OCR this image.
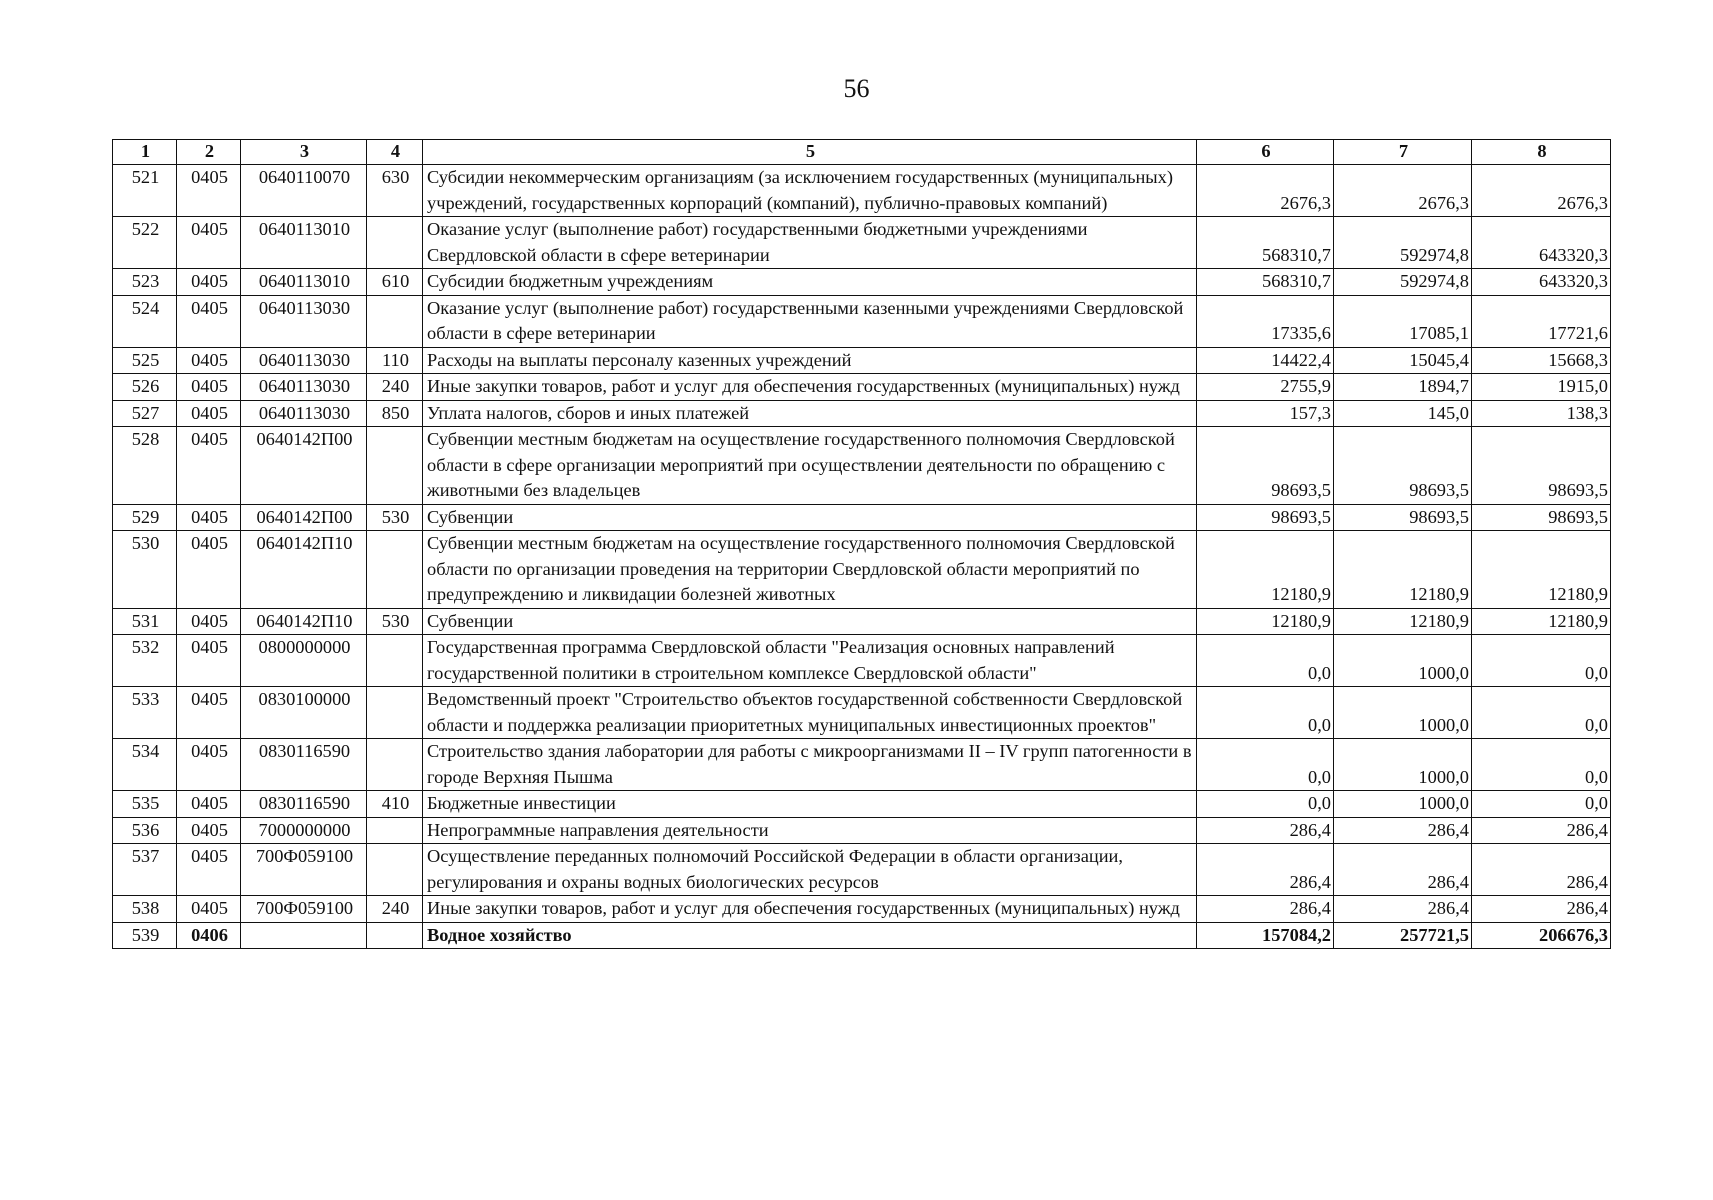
56
1	2	3	4	5	6	7	8
521	0405	0640110070	630	Субсидии некоммерческим организациям (за исключением государственных (муниципальных) учреждений, государственных корпораций (компаний), публично-правовых компаний)	2676,3	2676,3	2676,3
522	0405	0640113010		Оказание услуг (выполнение работ) государственными бюджетными учреждениями Свердловской области в сфере ветеринарии	568310,7	592974,8	643320,3
523	0405	0640113010	610	Субсидии бюджетным учреждениям	568310,7	592974,8	643320,3
524	0405	0640113030		Оказание услуг (выполнение работ) государственными казенными учреждениями Свердловской области в сфере ветеринарии	17335,6	17085,1	17721,6
525	0405	0640113030	110	Расходы на выплаты персоналу казенных учреждений	14422,4	15045,4	15668,3
526	0405	0640113030	240	Иные закупки товаров, работ и услуг для обеспечения государственных (муниципальных) нужд	2755,9	1894,7	1915,0
527	0405	0640113030	850	Уплата налогов, сборов и иных платежей	157,3	145,0	138,3
528	0405	0640142П00		Субвенции местным бюджетам на осуществление государственного полномочия Свердловской области в сфере организации мероприятий при осуществлении деятельности по обращению с животными без владельцев	98693,5	98693,5	98693,5
529	0405	0640142П00	530	Субвенции	98693,5	98693,5	98693,5
530	0405	0640142П10		Субвенции местным бюджетам на осуществление государственного полномочия Свердловской области по организации проведения на территории Свердловской области мероприятий по предупреждению и ликвидации болезней животных	12180,9	12180,9	12180,9
531	0405	0640142П10	530	Субвенции	12180,9	12180,9	12180,9
532	0405	0800000000		Государственная программа Свердловской области "Реализация основных направлений государственной политики в строительном комплексе Свердловской области"	0,0	1000,0	0,0
533	0405	0830100000		Ведомственный проект "Строительство объектов государственной собственности Свердловской области и поддержка реализации приоритетных муниципальных инвестиционных проектов"	0,0	1000,0	0,0
534	0405	0830116590		Строительство здания лаборатории для работы с микроорганизмами II – IV групп патогенности в городе Верхняя Пышма	0,0	1000,0	0,0
535	0405	0830116590	410	Бюджетные инвестиции	0,0	1000,0	0,0
536	0405	7000000000		Непрограммные направления деятельности	286,4	286,4	286,4
537	0405	700Ф059100		Осуществление переданных полномочий Российской Федерации в области организации, регулирования и охраны водных биологических ресурсов	286,4	286,4	286,4
538	0405	700Ф059100	240	Иные закупки товаров, работ и услуг для обеспечения государственных (муниципальных) нужд	286,4	286,4	286,4
539	0406			Водное хозяйство	157084,2	257721,5	206676,3
